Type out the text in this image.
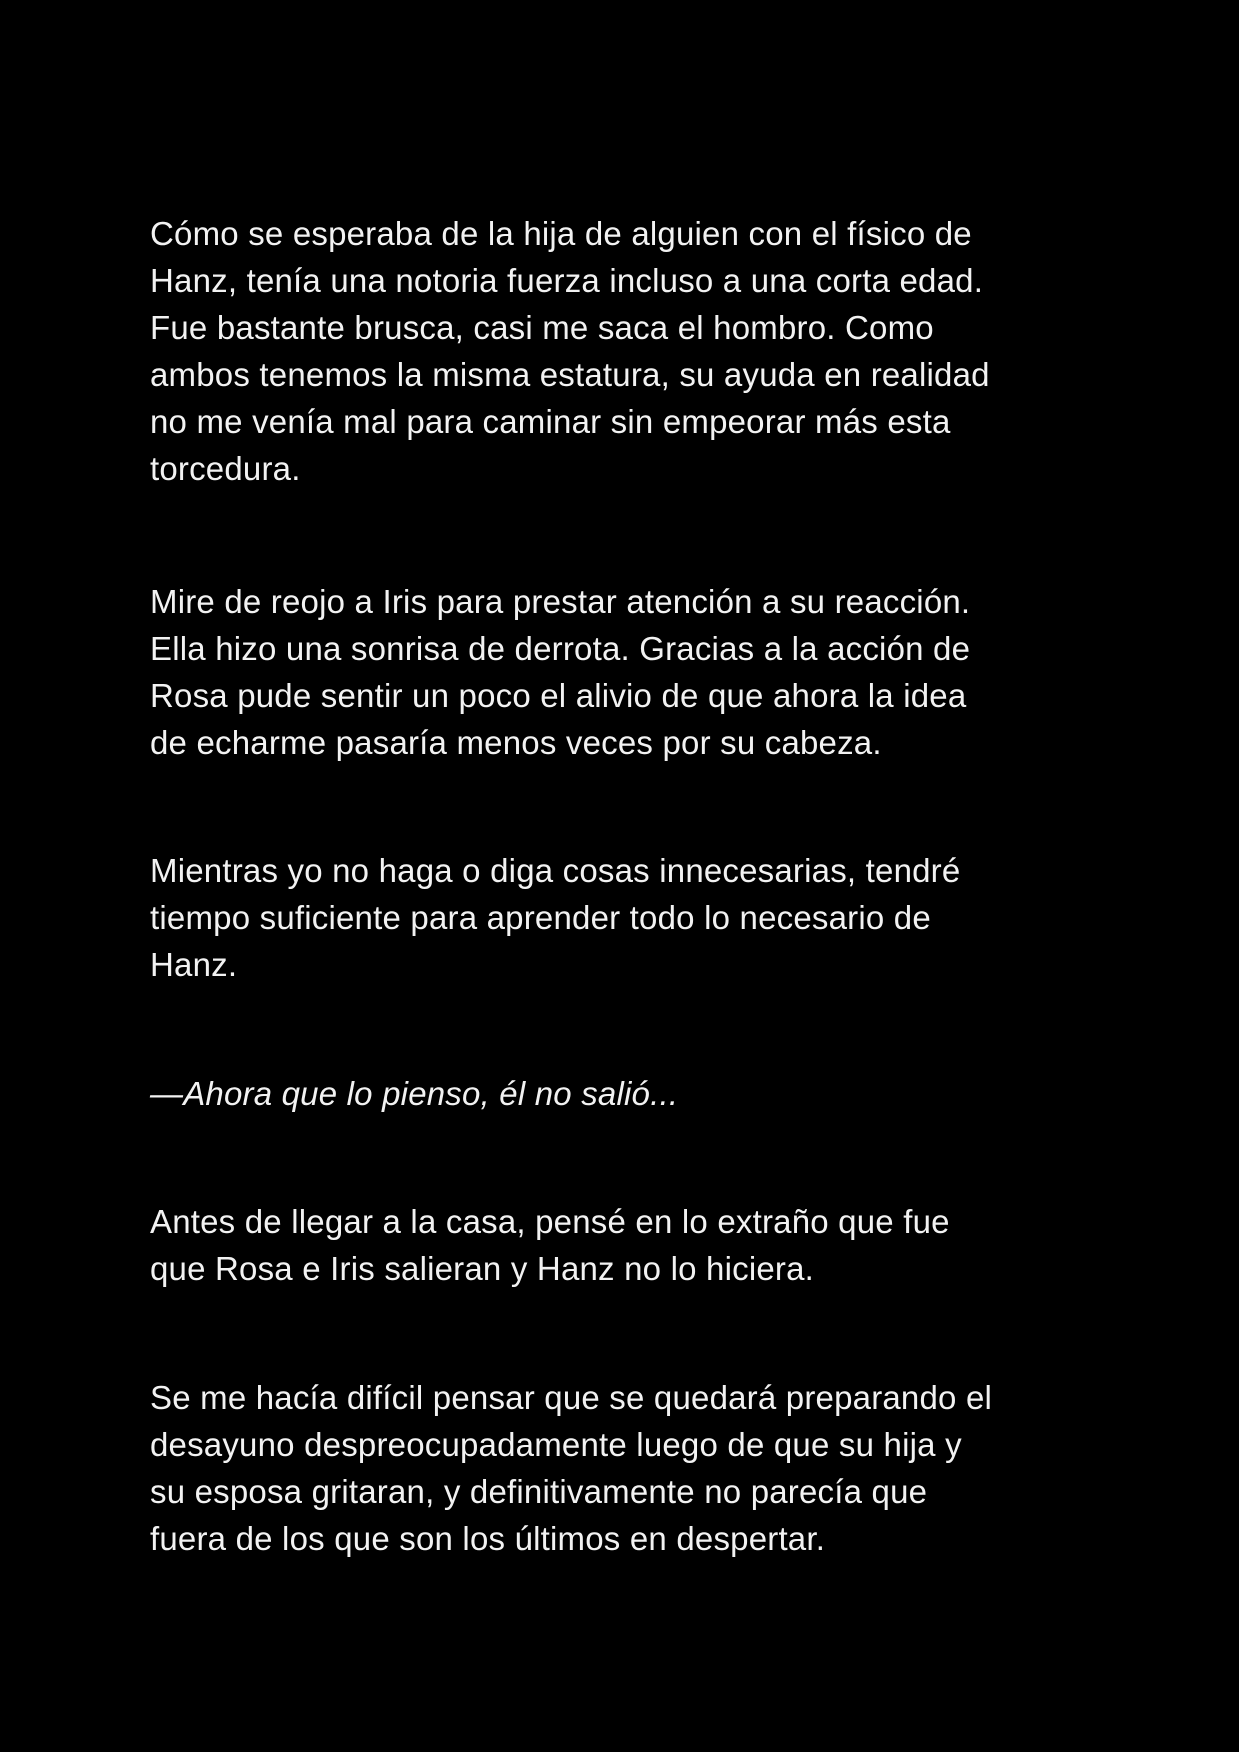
Cómo se esperaba de la hija de alguien con el físico de
Hanz, tenía una notoria fuerza incluso a una corta edad.
Fue bastante brusca, casi me saca el hombro. Como
ambos tenemos la misma estatura, su ayuda en realidad
no me venía mal para caminar sin empeorar más esta
torcedura.

Mire de reojo a Iris para prestar atención a su reacción.
Ella hizo una sonrisa de derrota. Gracias a la acción de
Rosa pude sentir un poco el alivio de que ahora la idea
de echarme pasaría menos veces por su cabeza.

Mientras yo no haga o diga cosas innecesarias, tendré
tiempo suficiente para aprender todo lo necesario de
Hanz.

—Ahora que lo pienso, él no salió...

Antes de llegar a la casa, pensé en lo extraño que fue
que Rosa e Iris salieran y Hanz no lo hiciera.

Se me hacía difícil pensar que se quedará preparando el
desayuno despreocupadamente luego de que su hija y
su esposa gritaran, y definitivamente no parecía que
fuera de los que son los últimos en despertar.
